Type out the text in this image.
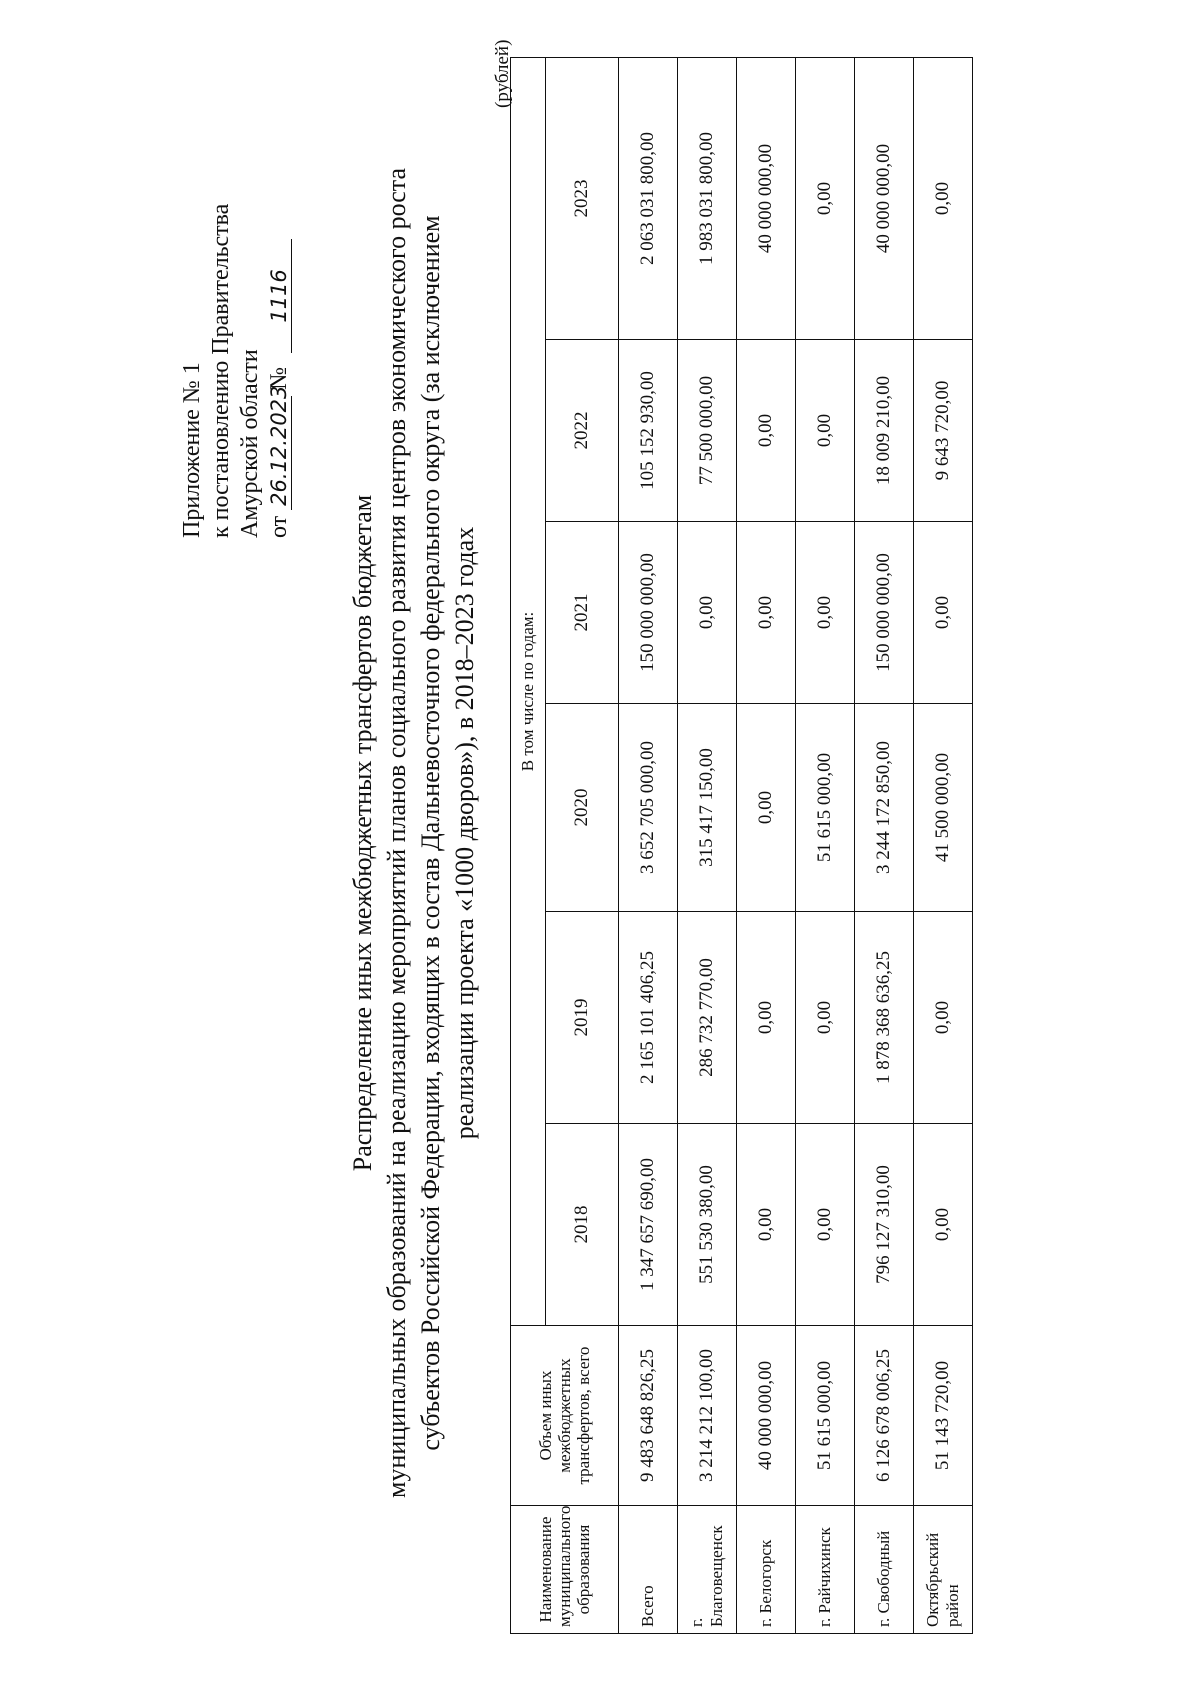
Приложение № 1 к постановлению Правительства Амурской области от 26.12.2023 № 1116
Распределение иных межбюджетных трансфертов бюджетам муниципальных образований на реализацию мероприятий планов социального развития центров экономического роста субъектов Российской Федерации, входящих в состав Дальневосточного федерального округа (за исключением реализации проекта «1000 дворов»), в 2018–2023 годах
(рублей)
Наименование муниципального образования	Объем иных межбюджетных трансфертов, всего	В том числе по годам:					
		2018	2019	2020	2021	2022	2023
Всего	9 483 648 826,25	1 347 657 690,00	2 165 101 406,25	3 652 705 000,00	150 000 000,00	105 152 930,00	2 063 031 800,00
г. Благовещенск	3 214 212 100,00	551 530 380,00	286 732 770,00	315 417 150,00	0,00	77 500 000,00	1 983 031 800,00
г. Белогорск	40 000 000,00	0,00	0,00	0,00	0,00	0,00	40 000 000,00
г. Райчихинск	51 615 000,00	0,00	0,00	51 615 000,00	0,00	0,00	0,00
г. Свободный	6 126 678 006,25	796 127 310,00	1 878 368 636,25	3 244 172 850,00	150 000 000,00	18 009 210,00	40 000 000,00
Октябрьский район	51 143 720,00	0,00	0,00	41 500 000,00	0,00	9 643 720,00	0,00
